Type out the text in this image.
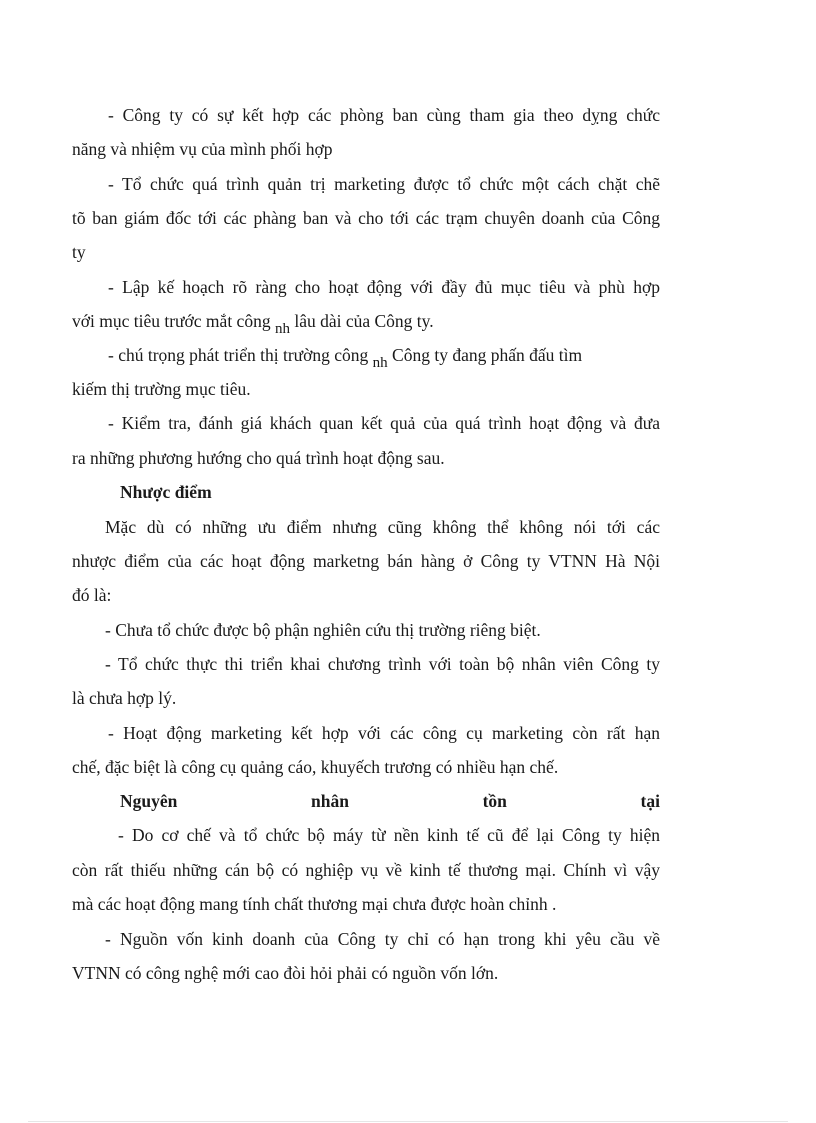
- Công ty có sự kết hợp các phòng ban cùng tham gia theo dỵng chức
năng và nhiệm vụ của mình phối hợp
- Tổ chức quá trình quản trị marketing được tổ chức một cách chặt chẽ
tõ ban giám đốc tới các phàng ban và cho tới các trạm chuyên doanh của Công
ty
- Lập kế hoạch rõ ràng cho hoạt động với đầy đủ mục tiêu và phù hợp
với mục tiêu trước mắt công nh lâu dài của Công ty.
- chú trọng phát triển thị trường công nh Công ty đang phấn đấu tìm
kiếm thị trường mục tiêu.
- Kiểm tra, đánh giá khách quan kết quả của quá trình hoạt động và đưa
ra những phương hướng cho quá trình hoạt động sau.
Nhược điểm
Mặc dù có những ưu điểm nhưng cũng không thể không nói tới các
nhược điểm của các hoạt động marketng bán hàng ở Công ty VTNN Hà Nội
đó là:
- Chưa tổ chức được bộ phận nghiên cứu thị trường riêng biệt.
- Tổ chức thực thi triển khai chương trình với toàn bộ nhân viên Công ty
là chưa hợp lý.
- Hoạt động marketing kết hợp với các công cụ marketing còn rất hạn
chế, đặc biệt là công cụ quảng cáo, khuyếch trương có nhiều hạn chế.
Nguyên nhân tồn tại
- Do cơ chế và tổ chức bộ máy từ nền kinh tế cũ để lại Công ty hiện
còn rất thiếu những cán bộ có nghiệp vụ về kinh tế thương mại. Chính vì vậy
mà các hoạt động mang tính chất thương mại chưa được hoàn chỉnh .
- Nguồn vốn kinh doanh của Công ty chỉ có hạn trong khi yêu cầu về
VTNN có công nghệ mới cao đòi hỏi phải có nguồn vốn lớn.
